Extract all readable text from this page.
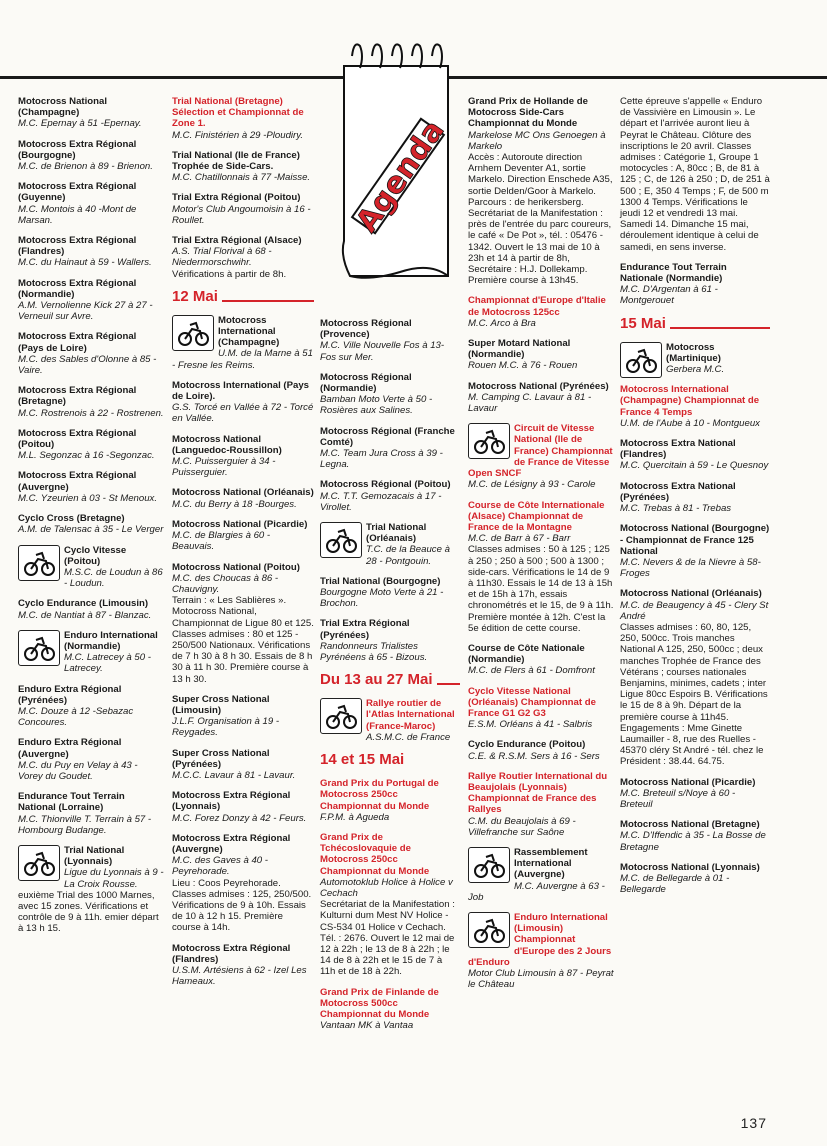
Agenda
Motocross National (Champagne)
M.C. Epernay à 51 -Epernay.
Motocross Extra Régional (Bourgogne)
M.C. de Brienon à 89 - Brienon.
Motocross Extra Régional (Guyenne)
M.C. Montois à 40 -Mont de Marsan.
Motocross Extra Régional (Flandres)
M.C. du Hainaut à 59 - Wallers.
Motocross Extra Régional (Normandie)
A.M. Vernolienne Kick 27 à 27 - Verneuil sur Avre.
Motocross Extra Régional (Pays de Loire)
M.C. des Sables d'Olonne à 85 - Vaire.
Motocross Extra Régional (Bretagne)
M.C. Rostrenois à 22 - Rostrenen.
Motocross Extra Régional (Poitou)
M.L. Segonzac à 16 -Segonzac.
Motocross Extra Régional (Auvergne)
M.C. Yzeurien à 03 - St Menoux.
Cyclo Cross (Bretagne)
A.M. de Talensac à 35 - Le Verger
Cyclo Vitesse (Poitou)
M.S.C. de Loudun à 86 - Loudun.
Cyclo Endurance (Limousin)
M.C. de Nantiat à 87 - Blanzac.
Enduro International (Normandie)
M.C. Latrecey à 50 -Latrecey.
Enduro Extra Régional (Pyrénées)
M.C. Douze à 12 -Sebazac Concoures.
Enduro Extra Régional (Auvergne)
M.C. du Puy en Velay à 43 - Vorey du Goudet.
Endurance Tout Terrain National (Lorraine)
M.C. Thionville T. Terrain à 57 - Hombourg Budange.
Trial National (Lyonnais)
Ligue du Lyonnais à 9 - La Croix Rousse.
euxième Trial des 1000 Marnes, avec 15 zones. Vérifications et contrôle de 9 à 11h. emier départ à 13 h 15.
Trial National (Bretagne) Sélection et Championnat de Zone 1.
M.C. Finistérien à 29 -Ploudiry.
Trial National (Ile de France) Trophée de Side-Cars.
M.C. Chatillonnais à 77 -Maisse.
Trial Extra Régional (Poitou)
Motor's Club Angoumoisin à 16 - Roullet.
Trial Extra Régional (Alsace)
A.S. Trial Florival à 68 - Niedermorschwihr.
Vérifications à partir de 8h.
12 Mai
Motocross International (Champagne)
U.M. de la Marne à 51 - Fresne les Reims.
Motocross International (Pays de Loire).
G.S. Torcé en Vallée à 72 - Torcé en Vallée.
Motocross National (Languedoc-Roussillon)
M.C. Puisserguier à 34 - Puisserguier.
Motocross National (Orléanais)
M.C. du Berry à 18 -Bourges.
Motocross National (Picardie)
M.C. de Blargies à 60 - Beauvais.
Motocross National (Poitou)
M.C. des Choucas à 86 - Chauvigny.
Terrain : « Les Sablières ». Motocross National, Championnat de Ligue 80 et 125. Classes admises : 80 et 125 - 250/500 Nationaux. Vérifications de 7 h 30 à 8 h 30. Essais de 8 h 30 à 11 h 30. Première course à 13 h 30.
Super Cross National (Limousin)
J.L.F. Organisation à 19 - Reygades.
Super Cross National (Pyrénées)
M.C.C. Lavaur à 81 - Lavaur.
Motocross Extra Régional (Lyonnais)
M.C. Forez Donzy à 42 - Feurs.
Motocross Extra Régional (Auvergne)
M.C. des Gaves à 40 - Peyrehorade.
Lieu : Coos Peyrehorade. Classes admises : 125, 250/500. Vérifications de 9 à 10h. Essais de 10 à 12 h 15. Première course à 14h.
Motocross Extra Régional (Flandres)
U.S.M. Artésiens à 62 - Izel Les Hameaux.
Motocross Régional (Provence)
M.C. Ville Nouvelle Fos à 13- Fos sur Mer.
Motocross Régional (Normandie)
Bamban Moto Verte à 50 -Rosières aux Salines.
Motocross Régional (Franche Comté)
M.C. Team Jura Cross à 39 - Legna.
Motocross Régional (Poitou)
M.C. T.T. Gemozacais à 17 - Virollet.
Trial National (Orléanais)
T.C. de la Beauce à 28 - Pontgouin.
Trial National (Bourgogne)
Bourgogne Moto Verte à 21 - Brochon.
Trial Extra Régional (Pyrénées)
Randonneurs Trialistes Pyrénéens à 65 - Bizous.
Du 13 au 27 Mai
Rallye routier de l'Atlas International (France-Maroc)
A.S.M.C. de France
14 et 15 Mai
Grand Prix du Portugal de Motocross 250cc Championnat du Monde
F.P.M. à Agueda
Grand Prix de Tchécoslovaquie de Motocross 250cc Championnat du Monde
Automotoklub Holice à Holice v Cechach
Secrétariat de la Manifestation : Kulturni dum Mest NV Holice - CS-534 01 Holice v Cechach. Tél. : 2676. Ouvert le 12 mai de 12 à 22h ; le 13 de 8 à 22h ; le 14 de 8 à 22h et le 15 de 7 à 11h et de 18 à 22h.
Grand Prix de Finlande de Motocross 500cc Championnat du Monde
Vantaan MK à Vantaa
Grand Prix de Hollande de Motocross Side-Cars Championnat du Monde
Markelose MC Ons Genoegen à Markelo
Accès : Autoroute direction Arnhem Deventer A1, sortie Markelo. Direction Enschede A35, sortie Delden/Goor à Markelo. Parcours : de herikersberg. Secrétariat de la Manifestation : près de l'entrée du parc coureurs, le café « De Pot », tél. : 05476 - 1342. Ouvert le 13 mai de 10 à 23h et 14 à partir de 8h, Secrétaire : H.J. Dollekamp. Première course à 13h45.
Championnat d'Europe d'Italie de Motocross 125cc
M.C. Arco à Bra
Super Motard National (Normandie)
Rouen M.C. à 76 - Rouen
Motocross National (Pyrénées)
M. Camping C. Lavaur à 81 -Lavaur
Circuit de Vitesse National (Ile de France) Championnat de France de Vitesse Open SNCF
M.C. de Lésigny à 93 - Carole
Course de Côte Internationale (Alsace) Championnat de France de la Montagne
M.C. de Barr à 67 - Barr
Classes admises : 50 à 125 ; 125 à 250 ; 250 à 500 ; 500 à 1300 ; side-cars. Vérifications le 14 de 9 à 11h30. Essais le 14 de 13 à 15h et de 15h à 17h, essais chronométrés et le 15, de 9 à 11h. Première montée à 12h. C'est la 5e édition de cette course.
Course de Côte Nationale (Normandie)
M.C. de Flers à 61 - Domfront
Cyclo Vitesse National (Orléanais) Championnat de France G1 G2 G3
E.S.M. Orléans à 41 - Salbris
Cyclo Endurance (Poitou)
C.E. & R.S.M. Sers à 16 - Sers
Rallye Routier International du Beaujolais (Lyonnais) Championnat de France des Rallyes
C.M. du Beaujolais à 69 - Villefranche sur Saône
Rassemblement International (Auvergne)
M.C. Auvergne à 63 - Job
Enduro International (Limousin) Championnat d'Europe des 2 Jours d'Enduro
Motor Club Limousin à 87 - Peyrat le Château
Cette épreuve s'appelle « Enduro de Vassivière en Limousin ». Le départ et l'arrivée auront lieu à Peyrat le Château. Clôture des inscriptions le 20 avril. Classes admises : Catégorie 1, Groupe 1 motocycles : A, 80cc ; B, de 81 à 125 ; C, de 126 à 250 ; D, de 251 à 500 ; E, 350 4 Temps ; F, de 500 m 1300 4 Temps. Vérifications le jeudi 12 et vendredi 13 mai. Samedi 14. Dimanche 15 mai, déroulement identique à celui de samedi, en sens inverse.
Endurance Tout Terrain Nationale (Normandie)
M.C. D'Argentan à 61 - Montgerouet
15 Mai
Motocross (Martinique)
Gerbera M.C.
Motocross International (Champagne) Championnat de France 4 Temps
U.M. de l'Aube à 10 - Montgueux
Motocross Extra National (Flandres)
M.C. Quercitain à 59 - Le Quesnoy
Motocross Extra National (Pyrénées)
M.C. Trebas à 81 - Trebas
Motocross National (Bourgogne) - Championnat de France 125 National
M.C. Nevers & de la Nievre à 58-Froges
Motocross National (Orléanais)
M.C. de Beaugency à 45 - Clery St André
Classes admises : 60, 80, 125, 250, 500cc. Trois manches National A 125, 250, 500cc ; deux manches Trophée de France des Vétérans ; courses nationales Benjamins, minimes, cadets ; inter Ligue 80cc Espoirs B. Vérifications le 15 de 8 à 9h. Départ de la première course à 11h45. Engagements : Mme Ginette Laumailler - 8, rue des Ruelles - 45370 cléry St André - tél. chez le Président : 38.44. 64.75.
Motocross National (Picardie)
M.C. Breteuil s/Noye à 60 - Breteuil
Motocross National (Bretagne)
M.C. D'Iffendic à 35 - La Bosse de Bretagne
Motocross National (Lyonnais)
M.C. de Bellegarde à 01 - Bellegarde
137
